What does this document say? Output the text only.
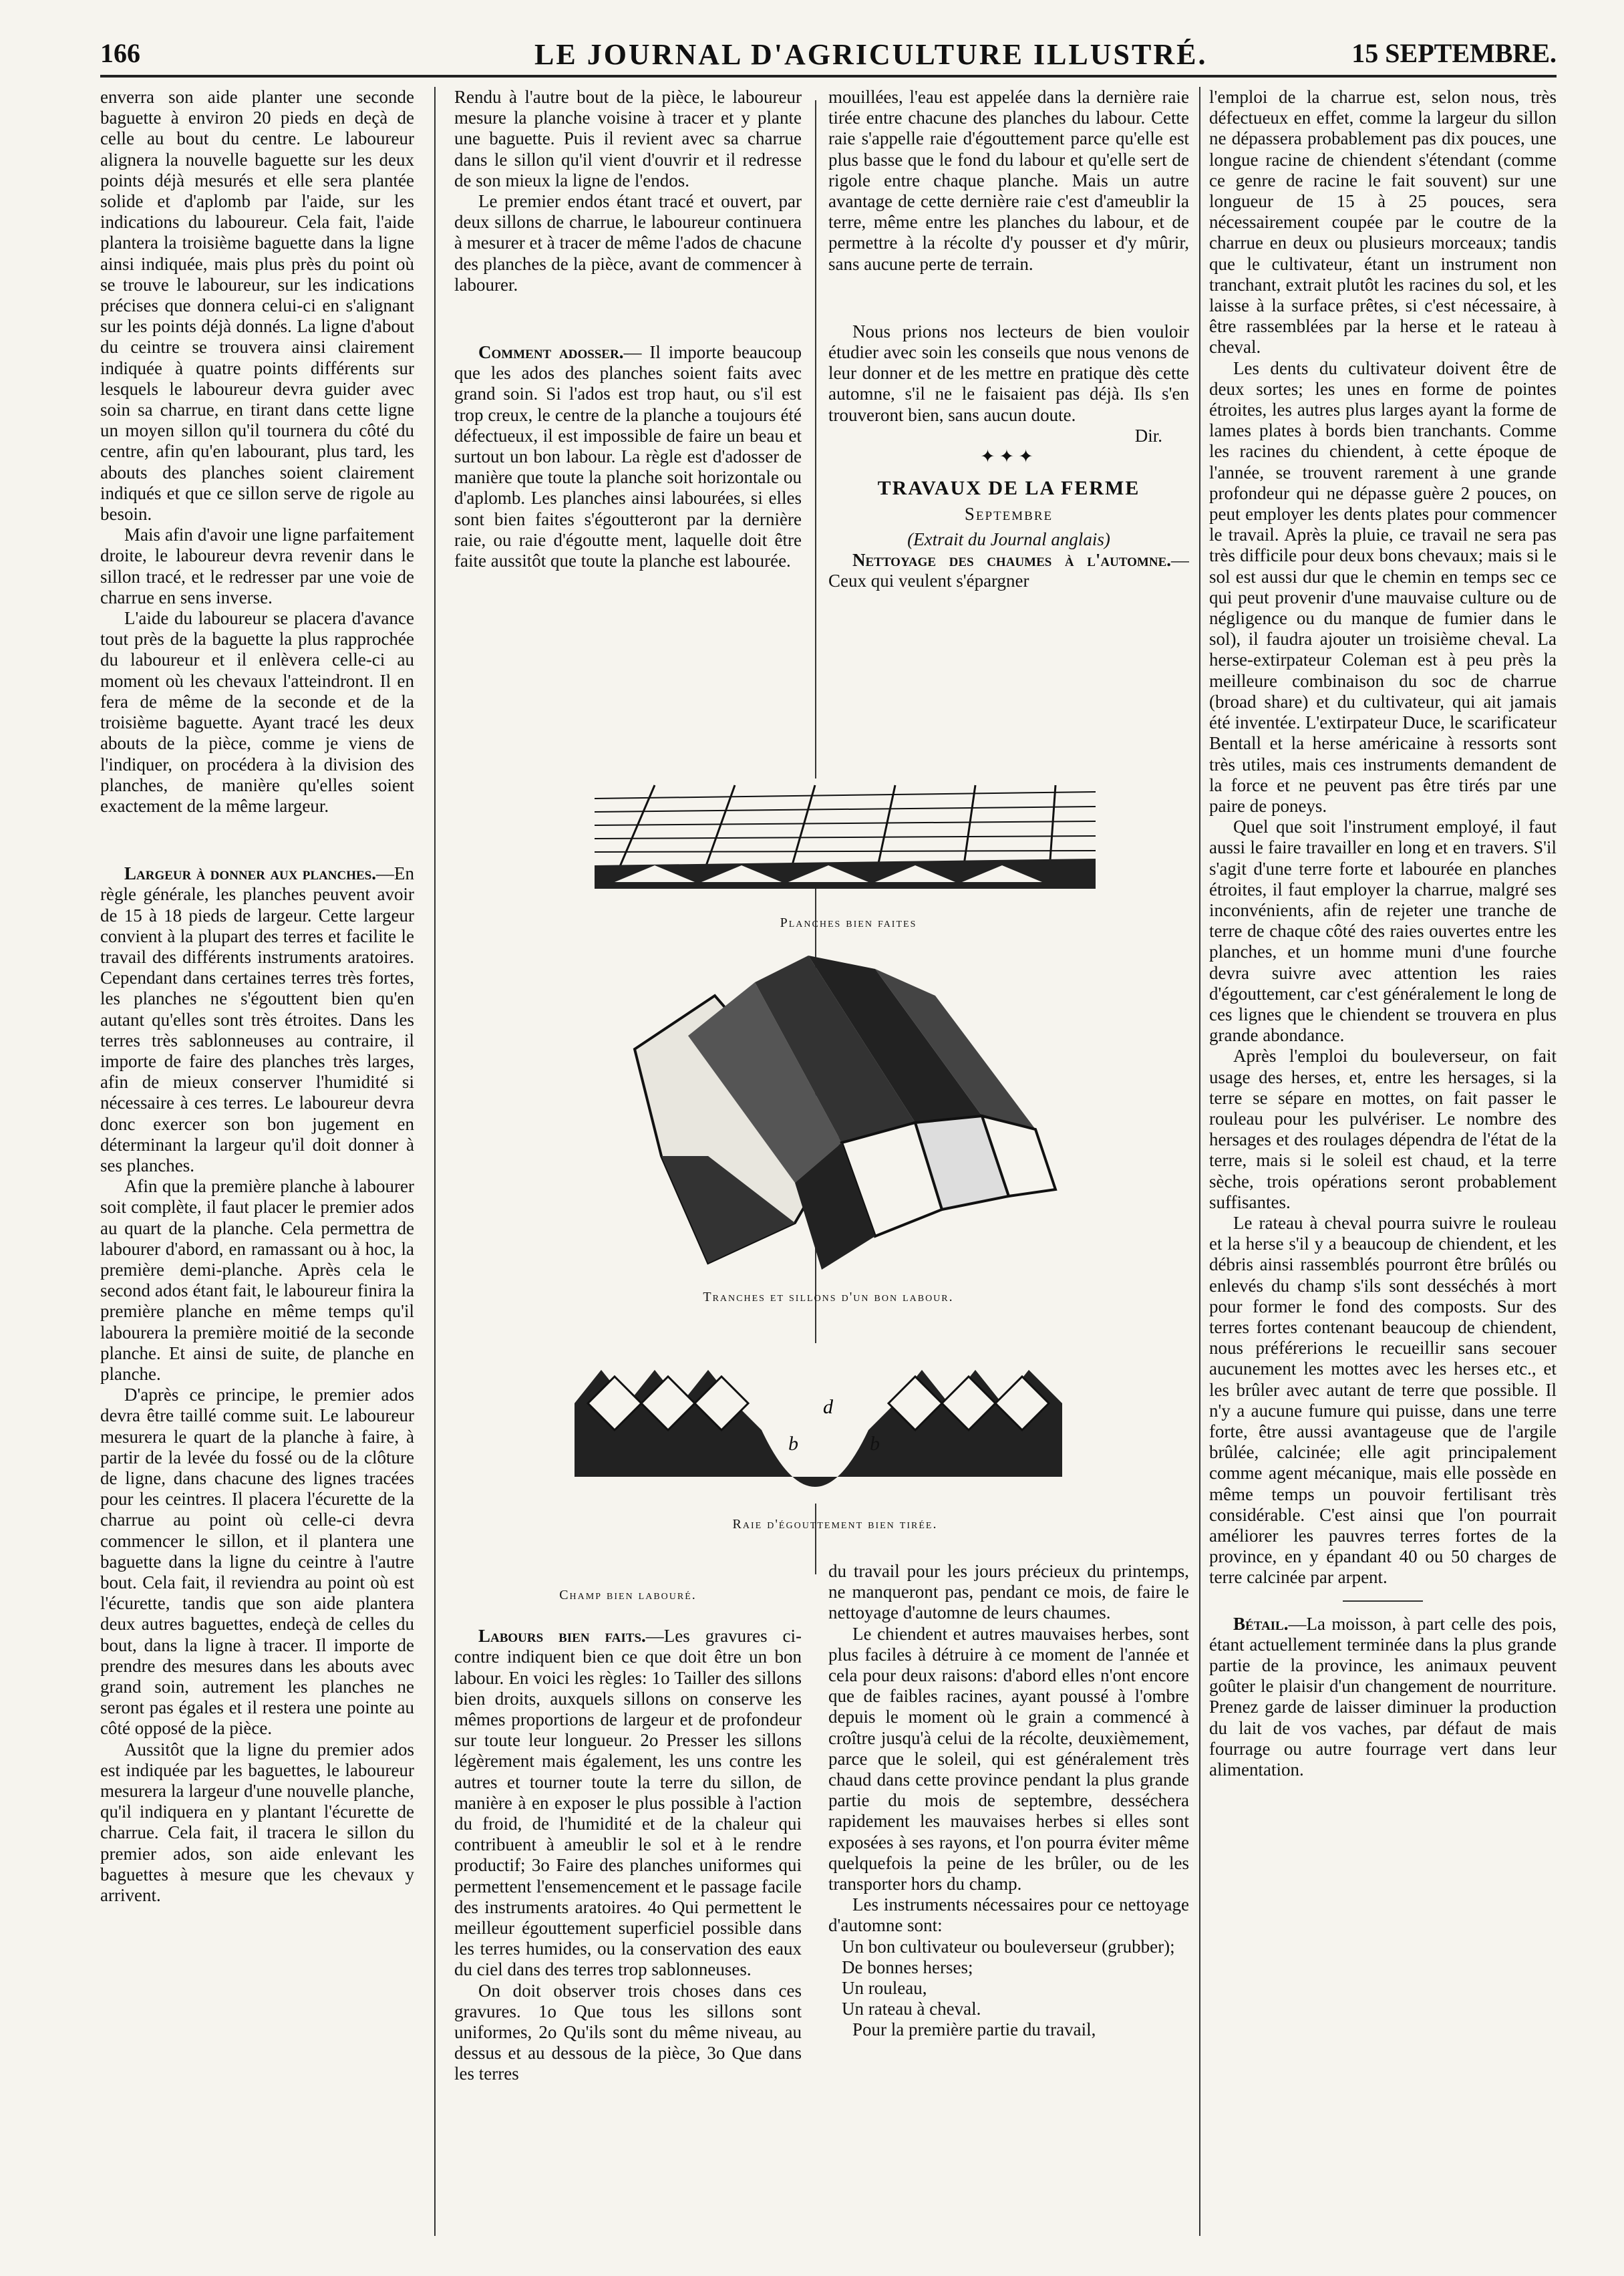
166	LE JOURNAL D'AGRICULTURE ILLUSTRÉ.	15 SEPTEMBRE.

enverra son aide planter une seconde baguette à environ 20 pieds en deçà de celle au bout du centre. Le laboureur alignera la nouvelle baguette sur les deux points déjà mesurés et elle sera plantée solide et d'aplomb par l'aide, sur les indications du laboureur. Cela fait, l'aide plantera la troisième baguette dans la ligne ainsi indiquée, mais plus près du point où se trouve le laboureur, sur les indications précises que donnera celui-ci en s'alignant sur les points déjà donnés. La ligne d'about du ceintre se trouvera ainsi clairement indiquée à quatre points différents sur lesquels le laboureur devra guider avec soin sa charrue, en tirant dans cette ligne un moyen sillon qu'il tournera du côté du centre, afin qu'en labourant, plus tard, les abouts des planches soient clairement indiqués et que ce sillon serve de rigole au besoin.

Mais afin d'avoir une ligne parfaitement droite, le laboureur devra revenir dans le sillon tracé, et le redresser par une voie de charrue en sens inverse.

L'aide du laboureur se placera d'avance tout près de la baguette la plus rapprochée du laboureur et il enlèvera celle-ci au moment où les chevaux l'atteindront. Il en fera de même de la seconde et de la troisième baguette. Ayant tracé les deux abouts de la pièce, comme je viens de l'indiquer, on procédera à la division des planches, de manière qu'elles soient exactement de la même largeur.

Largeur à donner aux planches.—En règle générale, les planches peuvent avoir de 15 à 18 pieds de largeur. Cette largeur convient à la plupart des terres et facilite le travail des différents instruments aratoires. Cependant dans certaines terres très fortes, les planches ne s'égouttent bien qu'en autant qu'elles sont très étroites. Dans les terres très sablonneuses au contraire, il importe de faire des planches très larges, afin de mieux conserver l'humidité si nécessaire à ces terres. Le laboureur devra donc exercer son bon jugement en déterminant la largeur qu'il doit donner à ses planches.

Afin que la première planche à labourer soit complète, il faut placer le premier ados au quart de la planche. Cela permettra de labourer d'abord, en ramassant ou à hoc, la première demi-planche. Après cela le second ados étant fait, le laboureur finira la première planche en même temps qu'il labourera la première moitié de la seconde planche. Et ainsi de suite, de planche en planche.

D'après ce principe, le premier ados devra être taillé comme suit. Le laboureur mesurera le quart de la planche à faire, à partir de la levée du fossé ou de la clôture de ligne, dans chacune des lignes tracées pour les ceintres. Il placera l'écurette de la charrue au point où celle-ci devra commencer le sillon, et il plantera une baguette dans la ligne du ceintre à l'autre bout. Cela fait, il reviendra au point où est l'écurette, tandis que son aide plantera deux autres baguettes, endeçà de celles du bout, dans la ligne à tracer. Il importe de prendre des mesures dans les abouts avec grand soin, autrement les planches ne seront pas égales et il restera une pointe au côté opposé de la pièce.

Aussitôt que la ligne du premier ados est indiquée par les baguettes, le laboureur mesurera la largeur d'une nouvelle planche, qu'il indiquera en y plantant l'écurette de charrue. Cela fait, il tracera le sillon du premier ados, son aide enlevant les baguettes à mesure que les chevaux y arrivent.

Rendu à l'autre bout de la pièce, le laboureur mesure la planche voisine à tracer et y plante une baguette. Puis il revient avec sa charrue dans le sillon qu'il vient d'ouvrir et il redresse de son mieux la ligne de l'endos.

Le premier endos étant tracé et ouvert, par deux sillons de charrue, le laboureur continuera à mesurer et à tracer de même l'ados de chacune des planches de la pièce, avant de commencer à labourer.

Comment adosser.— Il importe beaucoup que les ados des planches soient faits avec grand soin. Si l'ados est trop haut, ou s'il est trop creux, le centre de la planche a toujours été défectueux, il est impossible de faire un beau et surtout un bon labour. La règle est d'adosser de manière que toute la planche soit horizontale ou d'aplomb. Les planches ainsi labourées, si elles sont bien faites s'égoutteront par la dernière raie, ou raie d'égoutte ment, laquelle doit être faite aussitôt que toute la planche est labourée.

mouillées, l'eau est appelée dans la dernière raie tirée entre chacune des planches du labour. Cette raie s'appelle raie d'égouttement parce qu'elle est plus basse que le fond du labour et qu'elle sert de rigole entre chaque planche. Mais un autre avantage de cette dernière raie c'est d'ameublir la terre, même entre les planches du labour, et de permettre à la récolte d'y pousser et d'y mûrir, sans aucune perte de terrain.

Nous prions nos lecteurs de bien vouloir étudier avec soin les conseils que nous venons de leur donner et de les mettre en pratique dès cette automne, s'il ne le faisaient pas déjà. Ils s'en trouveront bien, sans aucun doute.

Dir.

✦✦✦
TRAVAUX DE LA FERME
Septembre
(Extrait du Journal anglais)

Nettoyage des chaumes à l'automne.—Ceux qui veulent s'épargner

Planches bien faites
Tranches et sillons d'un bon labour.
d
b
c
b
Raie d'égouttement bien tirée.
Champ bien labouré.

Labours bien faits.—Les gravures ci-contre indiquent bien ce que doit être un bon labour. En voici les règles: 1o Tailler des sillons bien droits, auxquels sillons on conserve les mêmes proportions de largeur et de profondeur sur toute leur longueur. 2o Presser les sillons légèrement mais également, les uns contre les autres et tourner toute la terre du sillon, de manière à en exposer le plus possible à l'action du froid, de l'humidité et de la chaleur qui contribuent à ameublir le sol et à le rendre productif; 3o Faire des planches uniformes qui permettent l'ensemencement et le passage facile des instruments aratoires. 4o Qui permettent le meilleur égouttement superficiel possible dans les terres humides, ou la conservation des eaux du ciel dans des terres trop sablonneuses.

On doit observer trois choses dans ces gravures. 1o Que tous les sillons sont uniformes, 2o Qu'ils sont du même niveau, au dessus et au dessous de la pièce, 3o Que dans les terres

du travail pour les jours précieux du printemps, ne manqueront pas, pendant ce mois, de faire le nettoyage d'automne de leurs chaumes.

Le chiendent et autres mauvaises herbes, sont plus faciles à détruire à ce moment de l'année et cela pour deux raisons: d'abord elles n'ont encore que de faibles racines, ayant poussé à l'ombre depuis le moment où le grain a commencé à croître jusqu'à celui de la récolte, deuxièmement, parce que le soleil, qui est généralement très chaud dans cette province pendant la plus grande partie du mois de septembre, desséchera rapidement les mauvaises herbes si elles sont exposées à ses rayons, et l'on pourra éviter même quelquefois la peine de les brûler, ou de les transporter hors du champ.

Les instruments nécessaires pour ce nettoyage d'automne sont:

Un bon cultivateur ou bouleverseur (grubber);

De bonnes herses;

Un rouleau,

Un rateau à cheval.

Pour la première partie du travail,

l'emploi de la charrue est, selon nous, très défectueux en effet, comme la largeur du sillon ne dépassera probablement pas dix pouces, une longue racine de chiendent s'étendant (comme ce genre de racine le fait souvent) sur une longueur de 15 à 25 pouces, sera nécessairement coupée par le coutre de la charrue en deux ou plusieurs morceaux; tandis que le cultivateur, étant un instrument non tranchant, extrait plutôt les racines du sol, et les laisse à la surface prêtes, si c'est nécessaire, à être rassemblées par la herse et le rateau à cheval.

Les dents du cultivateur doivent être de deux sortes; les unes en forme de pointes étroites, les autres plus larges ayant la forme de lames plates à bords bien tranchants. Comme les racines du chiendent, à cette époque de l'année, se trouvent rarement à une grande profondeur qui ne dépasse guère 2 pouces, on peut employer les dents plates pour commencer le travail. Après la pluie, ce travail ne sera pas très difficile pour deux bons chevaux; mais si le sol est aussi dur que le chemin en temps sec ce qui peut provenir d'une mauvaise culture ou de négligence ou du manque de fumier dans le sol), il faudra ajouter un troisième cheval. La herse-extirpateur Coleman est à peu près la meilleure combinaison du soc de charrue (broad share) et du cultivateur, qui ait jamais été inventée. L'extirpateur Duce, le scarificateur Bentall et la herse américaine à ressorts sont très utiles, mais ces instruments demandent de la force et ne peuvent pas être tirés par une paire de poneys.

Quel que soit l'instrument employé, il faut aussi le faire travailler en long et en travers. S'il s'agit d'une terre forte et labourée en planches étroites, il faut employer la charrue, malgré ses inconvénients, afin de rejeter une tranche de terre de chaque côté des raies ouvertes entre les planches, et un homme muni d'une fourche devra suivre avec attention les raies d'égouttement, car c'est généralement le long de ces lignes que le chiendent se trouvera en plus grande abondance.

Après l'emploi du bouleverseur, on fait usage des herses, et, entre les hersages, si la terre se sépare en mottes, on fait passer le rouleau pour les pulvériser. Le nombre des hersages et des roulages dépendra de l'état de la terre, mais si le soleil est chaud, et la terre sèche, trois opérations seront probablement suffisantes.

Le rateau à cheval pourra suivre le rouleau et la herse s'il y a beaucoup de chiendent, et les débris ainsi rassemblés pourront être brûlés ou enlevés du champ s'ils sont desséchés à mort pour former le fond des composts. Sur des terres fortes contenant beaucoup de chiendent, nous préférerions le recueillir sans secouer aucunement les mottes avec les herses etc., et les brûler avec autant de terre que possible. Il n'y a aucune fumure qui puisse, dans une terre forte, être aussi avantageuse que de l'argile brûlée, calcinée; elle agit principalement comme agent mécanique, mais elle possède en même temps un pouvoir fertilisant très considérable. C'est ainsi que l'on pourrait améliorer les pauvres terres fortes de la province, en y épandant 40 ou 50 charges de terre calcinée par arpent.

Bétail.—La moisson, à part celle des pois, étant actuellement terminée dans la plus grande partie de la province, les animaux peuvent goûter le plaisir d'un changement de nourriture. Prenez garde de laisser diminuer la production du lait de vos vaches, par défaut de mais fourrage ou autre fourrage vert dans leur alimentation.
